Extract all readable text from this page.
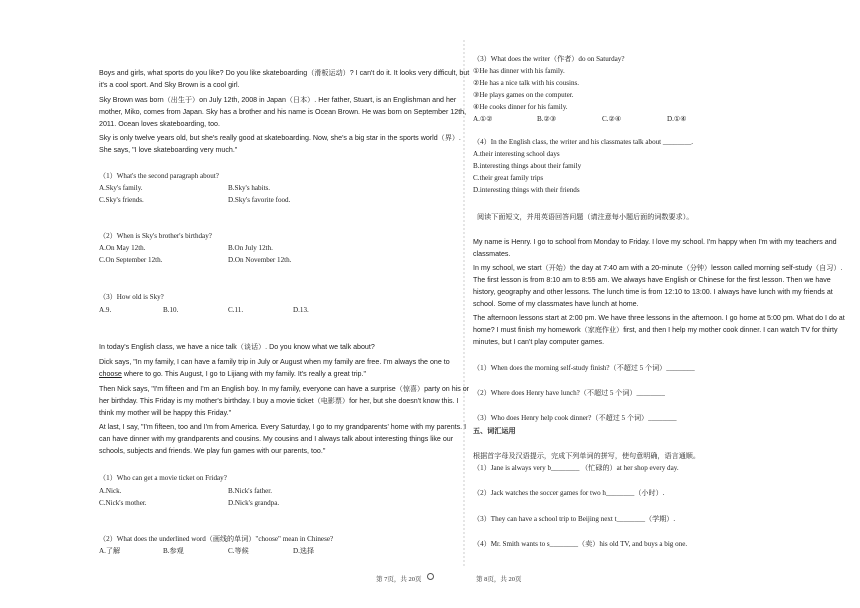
Boys and girls, what sports do you like? Do you like skateboarding（滑板运动）? I can't do it. It looks very difficult, but it's a cool sport. And Sky Brown is a cool girl.
Sky Brown was born（出生于）on July 12th, 2008 in Japan（日本）. Her father, Stuart, is an Englishman and her mother, Miko, comes from Japan. Sky has a brother and his name is Ocean Brown. He was born on September 12th, 2011. Ocean loves skateboarding, too.
Sky is only twelve years old, but she's really good at skateboarding. Now, she's a big star in the sports world（界）. She says, "I love skateboarding very much."
（1）What's the second paragraph about?
A.Sky's family.	B.Sky's habits.
C.Sky's friends.	D.Sky's favorite food.
（2）When is Sky's brother's birthday?
A.On May 12th.	B.On July 12th.
C.On September 12th.	D.On November 12th.
（3）How old is Sky?
A.9.	B.10.	C.11.	D.13.
In today's English class, we have a nice talk（谈话）. Do you know what we talk about?
Dick says, "In my family, I can have a family trip in July or August when my family are free. I'm always the one to choose where to go. This August, I go to Lijiang with my family. It's really a great trip."
Then Nick says, "I'm fifteen and I'm an English boy. In my family, everyone can have a surprise（惊喜）party on his or her birthday. This Friday is my mother's birthday. I buy a movie ticket（电影票）for her, but she doesn't know this. I think my mother will be happy this Friday."
At last, I say, "I'm fifteen, too and I'm from America. Every Saturday, I go to my grandparents' home with my parents. I can have dinner with my grandparents and cousins. My cousins and I always talk about interesting things like our schools, subjects and friends. We play fun games with our parents, too."
（1）Who can get a movie ticket on Friday?
A.Nick.	B.Nick's father.
C.Nick's mother.	D.Nick's grandpa.
（2）What does the underlined word（画线的单词）"choose" mean in Chinese?
A.了解	B.参观	C.等候	D.选择
（3）What does the writer（作者）do on Saturday?
①He has dinner with his family.
②He has a nice talk with his cousins.
③He plays games on the computer.
④He cooks dinner for his family.
A.①②	B.②③	C.②④	D.①④
（4）In the English class, the writer and his classmates talk about ________.
A.their interesting school days
B.interesting things about their family
C.their great family trips
D.interesting things with their friends
阅读下面短文，并用英语回答问题（请注意每小题后面的词数要求）。
My name is Henry. I go to school from Monday to Friday. I love my school. I'm happy when I'm with my teachers and classmates.
In my school, we start（开始）the day at 7:40 am with a 20-minute（分钟）lesson called morning self-study（自习）. The first lesson is from 8:10 am to 8:55 am. We always have English or Chinese for the first lesson. Then we have history, geography and other lessons. The lunch time is from 12:10 to 13:00. I always have lunch with my friends at school. Some of my classmates have lunch at home.
The afternoon lessons start at 2:00 pm. We have three lessons in the afternoon. I go home at 5:00 pm. What do I do at home? I must finish my homework（家庭作业）first, and then I help my mother cook dinner. I can watch TV for thirty minutes, but I can't play computer games.
（1）When does the morning self-study finish?（不超过 5 个词）________
（2）Where does Henry have lunch?（不超过 5 个词）________
（3）Who does Henry help cook dinner?（不超过 5 个词）________
五、词汇运用
根据首字母及汉语提示，完成下列单词的拼写，使句意明确，语言通顺。
（1）Jane is always very b________ （忙碌的）at her shop every day.
（2）Jack watches the soccer games for two h________（小时）.
（3）They can have a school trip to Beijing next t________（学期）.
（4）Mr. Smith wants to s________（卖）his old TV, and buys a big one.
第 7页，共 20页	第 8页，共 20页
